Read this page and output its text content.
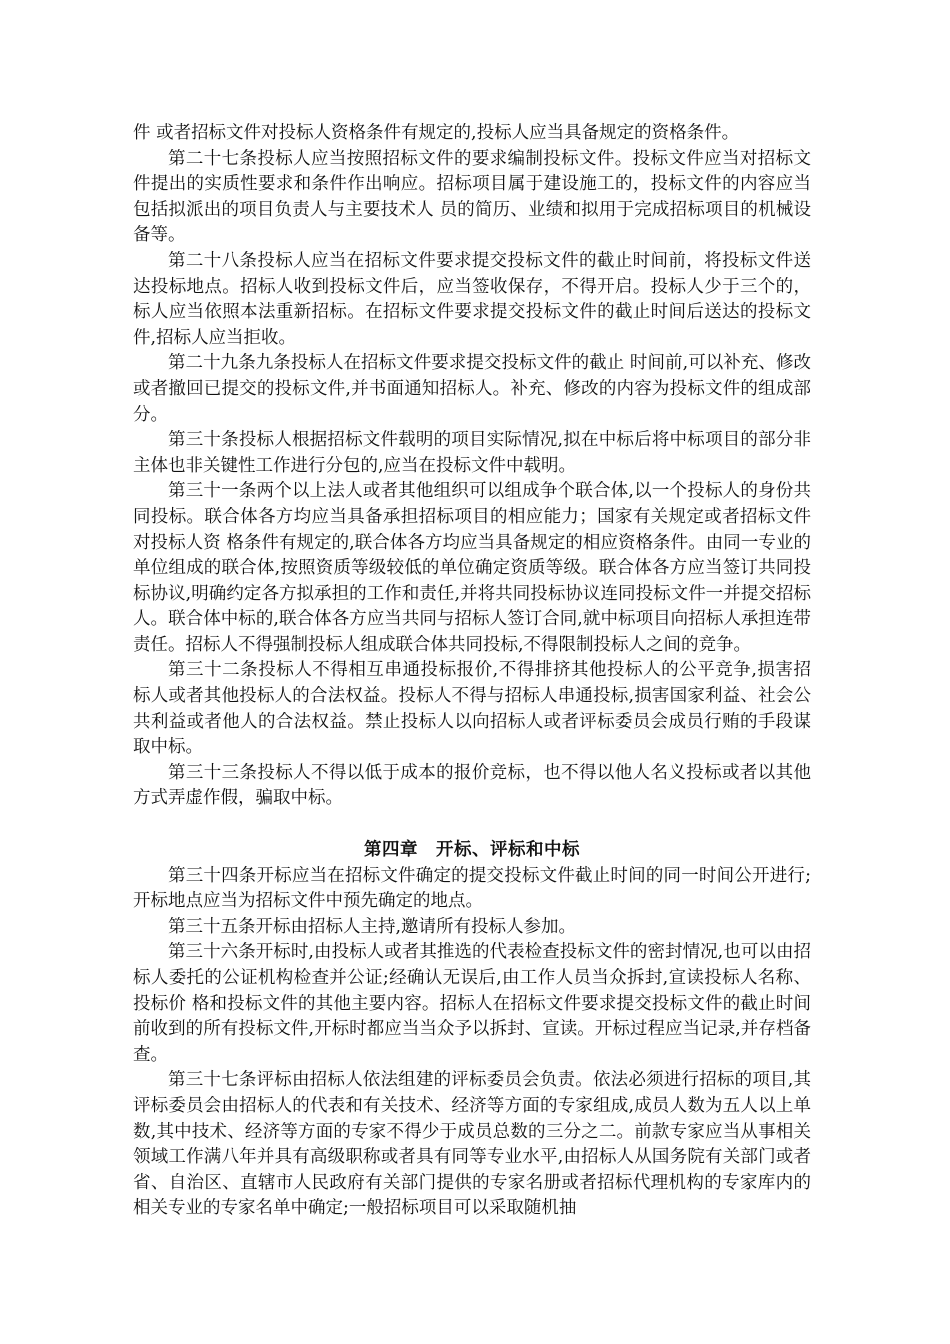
件 或者招标文件对投标人资格条件有规定的,投标人应当具备规定的资格条件。

第二十七条投标人应当按照招标文件的要求编制投标文件。投标文件应当对招标文件提出的实质性要求和条件作出响应。招标项目属于建设施工的，投标文件的内容应当包括拟派出的项目负责人与主要技术人 员的简历、业绩和拟用于完成招标项目的机械设备等。

第二十八条投标人应当在招标文件要求提交投标文件的截止时间前，将投标文件送达投标地点。招标人收到投标文件后，应当签收保存，不得开启。投标人少于三个的，标人应当依照本法重新招标。在招标文件要求提交投标文件的截止时间后送达的投标文件,招标人应当拒收。

第二十九条九条投标人在招标文件要求提交投标文件的截止 时间前,可以补充、修改或者撤回已提交的投标文件,并书面通知招标人。补充、修改的内容为投标文件的组成部分。

第三十条投标人根据招标文件载明的项目实际情况,拟在中标后将中标项目的部分非主体也非关键性工作进行分包的,应当在投标文件中载明。

第三十一条两个以上法人或者其他组织可以组成争个联合体,以一个投标人的身份共同投标。联合体各方均应当具备承担招标项目的相应能力；国家有关规定或者招标文件对投标人资 格条件有规定的,联合体各方均应当具备规定的相应资格条件。由同一专业的单位组成的联合体,按照资质等级较低的单位确定资质等级。联合体各方应当签订共同投标协议,明确约定各方拟承担的工作和责任,并将共同投标协议连同投标文件一并提交招标人。联合体中标的,联合体各方应当共同与招标人签订合同,就中标项目向招标人承担连带责任。招标人不得强制投标人组成联合体共同投标,不得限制投标人之间的竞争。

第三十二条投标人不得相互串通投标报价,不得排挤其他投标人的公平竞争,损害招 标人或者其他投标人的合法权益。投标人不得与招标人串通投标,损害国家利益、社会公共利益或者他人的合法权益。禁止投标人以向招标人或者评标委员会成员行贿的手段谋取中标。

第三十三条投标人不得以低于成本的报价竞标，也不得以他人名义投标或者以其他 方式弄虚作假，骗取中标。

第四章　开标、评标和中标

第三十四条开标应当在招标文件确定的提交投标文件截止时间的同一时间公开进行; 开标地点应当为招标文件中预先确定的地点。

第三十五条开标由招标人主持,邀请所有投标人参加。

第三十六条开标时,由投标人或者其推选的代表检查投标文件的密封情况,也可以由招标人委托的公证机构检查并公证;经确认无误后,由工作人员当众拆封,宣读投标人名称、投标价 格和投标文件的其他主要内容。招标人在招标文件要求提交投标文件的截止时间前收到的所有投标文件,开标时都应当当众予以拆封、宣读。开标过程应当记录,并存档备查。

第三十七条评标由招标人依法组建的评标委员会负责。依法必须进行招标的项目,其评标委员会由招标人的代表和有关技术、经济等方面的专家组成,成员人数为五人以上单数,其中技术、经济等方面的专家不得少于成员总数的三分之二。前款专家应当从事相关领域工作满八年并具有高级职称或者具有同等专业水平,由招标人从国务院有关部门或者省、自治区、直辖市人民政府有关部门提供的专家名册或者招标代理机构的专家库内的相关专业的专家名单中确定;一般招标项目可以采取随机抽
